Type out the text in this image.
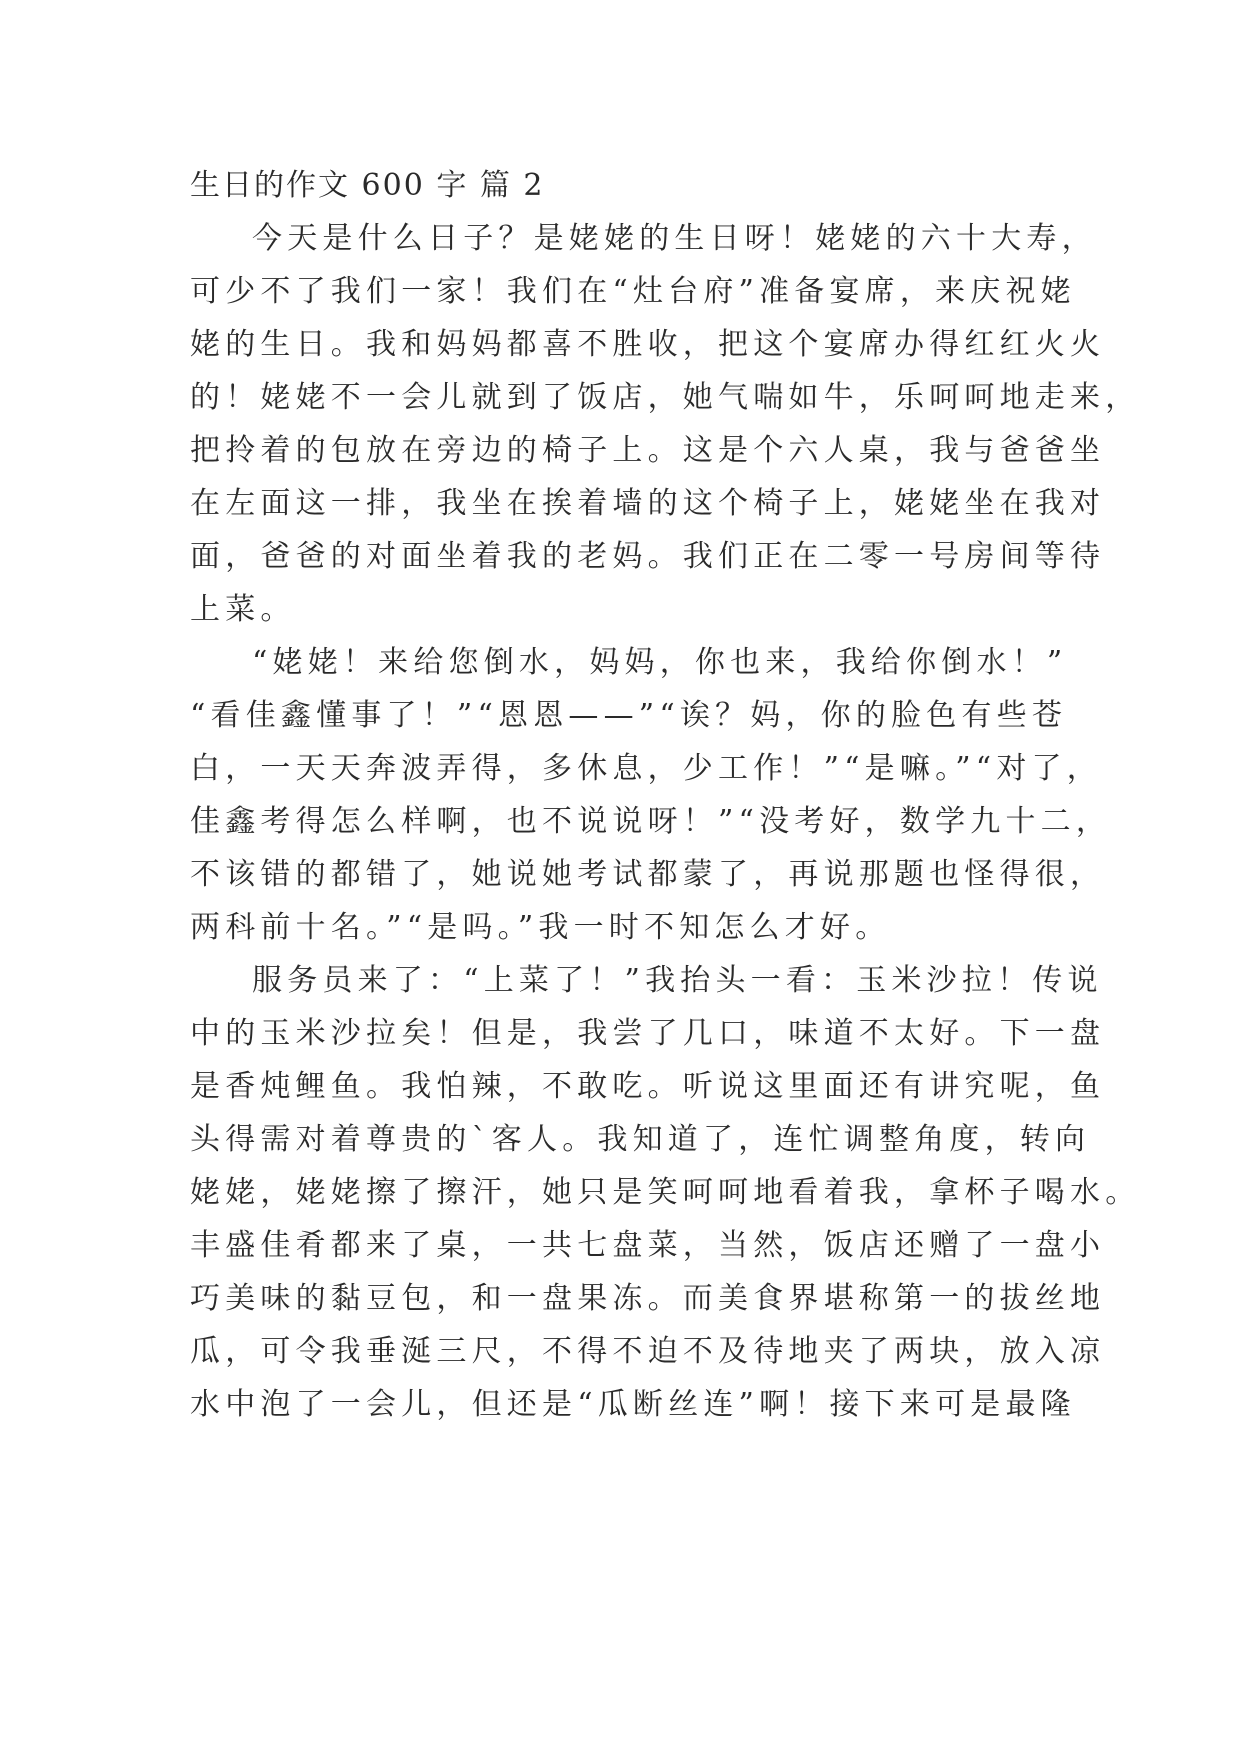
生日的作文 600 字 篇 2
今天是什么日子？是姥姥的生日呀！姥姥的六十大寿，
可少不了我们一家！我们在“灶台府”准备宴席，来庆祝姥
姥的生日。我和妈妈都喜不胜收，把这个宴席办得红红火火
的！姥姥不一会儿就到了饭店，她气喘如牛，乐呵呵地走来，
把拎着的包放在旁边的椅子上。这是个六人桌，我与爸爸坐
在左面这一排，我坐在挨着墙的这个椅子上，姥姥坐在我对
面，爸爸的对面坐着我的老妈。我们正在二零一号房间等待
上菜。
“姥姥！来给您倒水，妈妈，你也来，我给你倒水！”
“看佳鑫懂事了！”“恩恩——”“诶？妈，你的脸色有些苍
白，一天天奔波弄得，多休息，少工作！”“是嘛。”“对了，
佳鑫考得怎么样啊，也不说说呀！”“没考好，数学九十二，
不该错的都错了，她说她考试都蒙了，再说那题也怪得很，
两科前十名。”“是吗。”我一时不知怎么才好。
服务员来了：“上菜了！”我抬头一看：玉米沙拉！传说
中的玉米沙拉矣！但是，我尝了几口，味道不太好。下一盘
是香炖鲤鱼。我怕辣，不敢吃。听说这里面还有讲究呢，鱼
头得需对着尊贵的`客人。我知道了，连忙调整角度，转向
姥姥，姥姥擦了擦汗，她只是笑呵呵地看着我，拿杯子喝水。
丰盛佳肴都来了桌，一共七盘菜，当然，饭店还赠了一盘小
巧美味的黏豆包，和一盘果冻。而美食界堪称第一的拔丝地
瓜，可令我垂涎三尺，不得不迫不及待地夹了两块，放入凉
水中泡了一会儿，但还是“瓜断丝连”啊！接下来可是最隆
